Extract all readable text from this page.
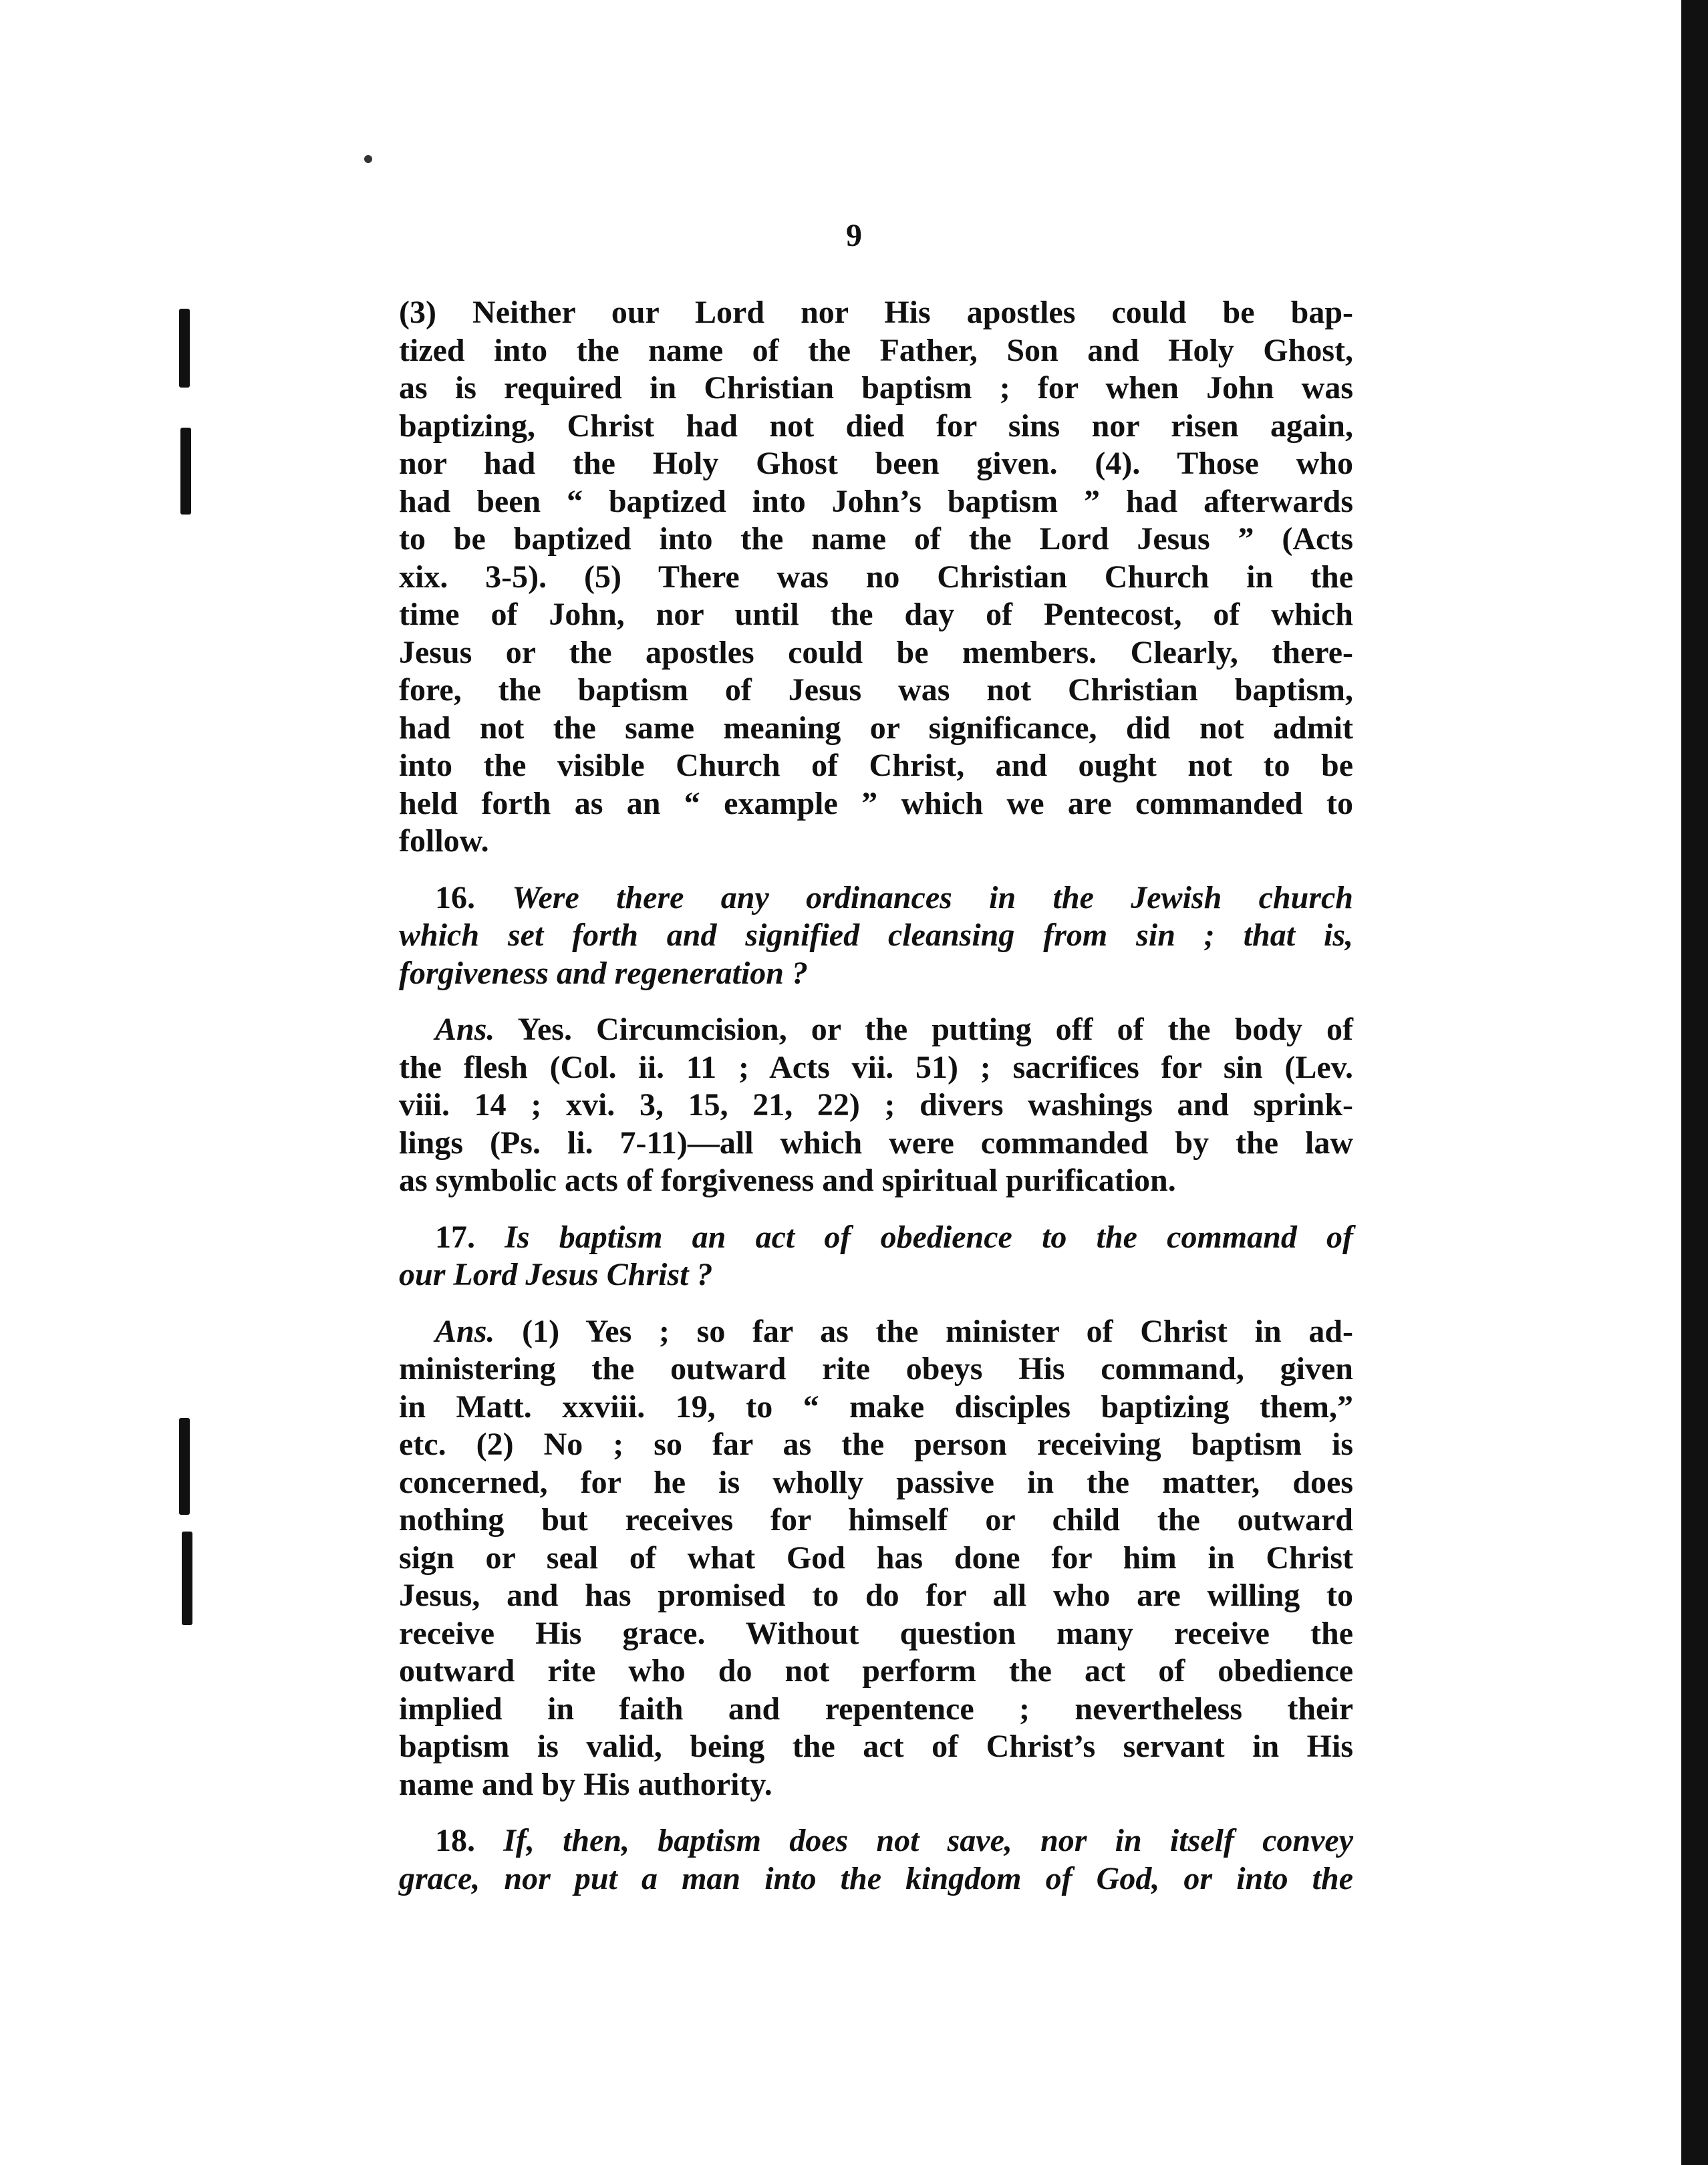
9
(3) Neither our Lord nor His apostles could be bap-
tized into the name of the Father, Son and Holy Ghost,
as is required in Christian baptism ; for when John was
baptizing, Christ had not died for sins nor risen again,
nor had the Holy Ghost been given. (4). Those who
had been “ baptized into John’s baptism ” had afterwards
to be baptized into the name of the Lord Jesus ” (Acts
xix. 3-5). (5) There was no Christian Church in the
time of John, nor until the day of Pentecost, of which
Jesus or the apostles could be members. Clearly, there-
fore, the baptism of Jesus was not Christian baptism,
had not the same meaning or significance, did not admit
into the visible Church of Christ, and ought not to be
held forth as an “ example ” which we are commanded to
follow.
16. Were there any ordinances in the Jewish church
which set forth and signified cleansing from sin ; that is,
forgiveness and regeneration ?
Ans. Yes. Circumcision, or the putting off of the body of
the flesh (Col. ii. 11 ; Acts vii. 51) ; sacrifices for sin (Lev.
viii. 14 ; xvi. 3, 15, 21, 22) ; divers washings and sprink-
lings (Ps. li. 7-11)—all which were commanded by the law
as symbolic acts of forgiveness and spiritual purification.
17. Is baptism an act of obedience to the command of
our Lord Jesus Christ ?
Ans. (1) Yes ; so far as the minister of Christ in ad-
ministering the outward rite obeys His command, given
in Matt. xxviii. 19, to “ make disciples baptizing them,”
etc. (2) No ; so far as the person receiving baptism is
concerned, for he is wholly passive in the matter, does
nothing but receives for himself or child the outward
sign or seal of what God has done for him in Christ
Jesus, and has promised to do for all who are willing to
receive His grace. Without question many receive the
outward rite who do not perform the act of obedience
implied in faith and repentence ; nevertheless their
baptism is valid, being the act of Christ’s servant in His
name and by His authority.
18. If, then, baptism does not save, nor in itself convey
grace, nor put a man into the kingdom of God, or into the
